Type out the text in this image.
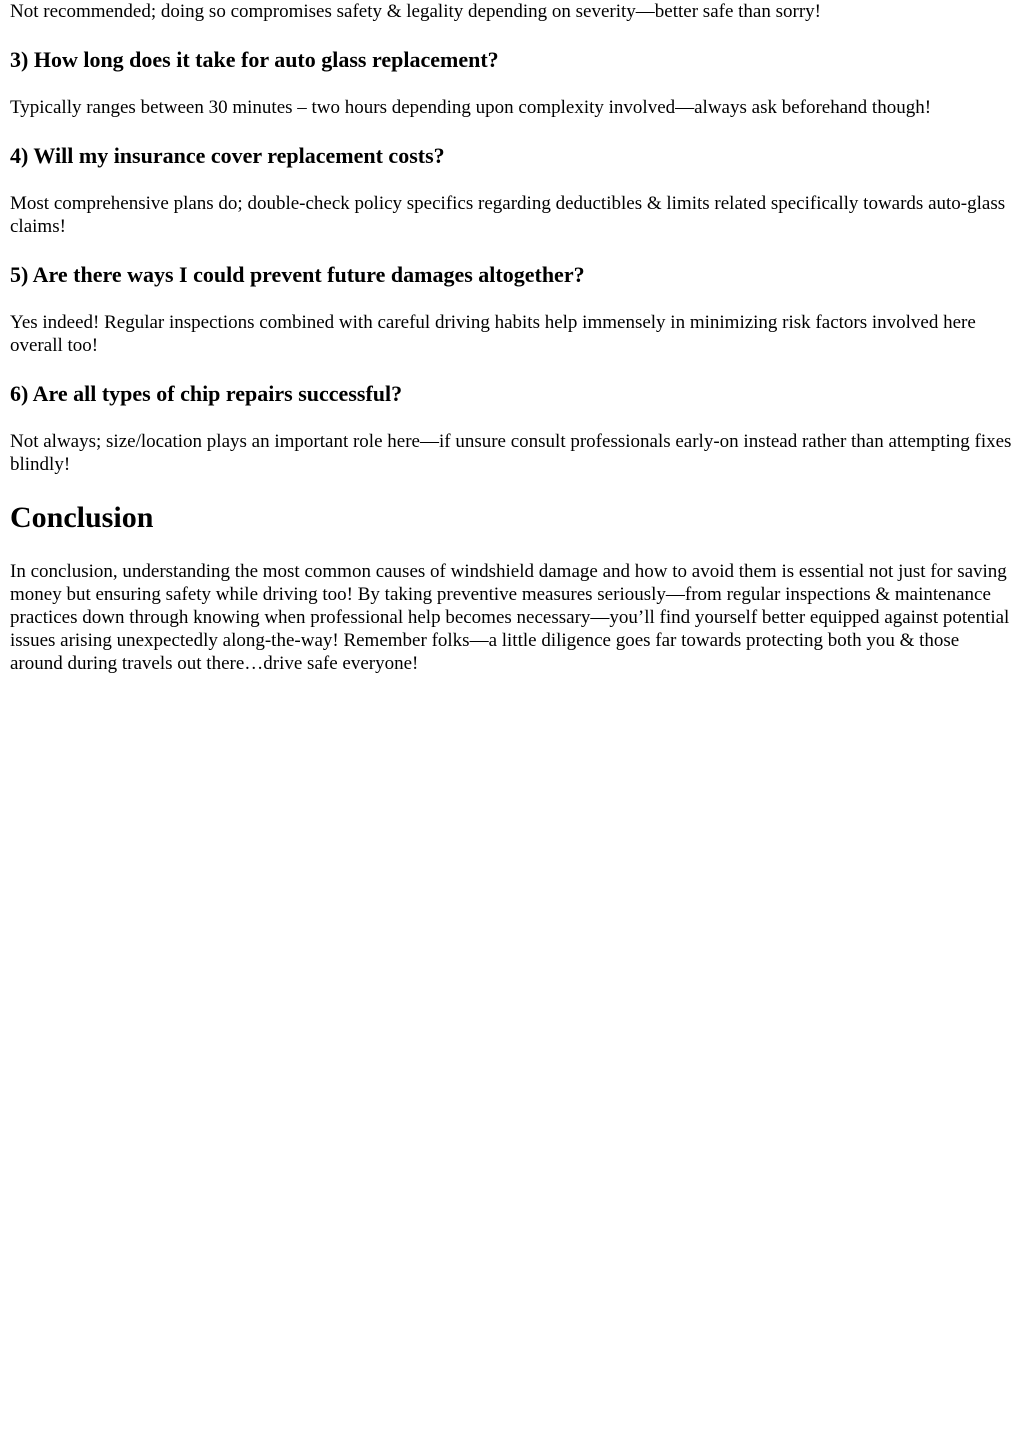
Not recommended; doing so compromises safety & legality depending on severity—better safe than sorry!

3) How long does it take for auto glass replacement?

Typically ranges between 30 minutes – two hours depending upon complexity involved—always ask beforehand though!

4) Will my insurance cover replacement costs?

Most comprehensive plans do; double-check policy specifics regarding deductibles & limits related specifically towards auto-glass claims!

5) Are there ways I could prevent future damages altogether?

Yes indeed! Regular inspections combined with careful driving habits help immensely in minimizing risk factors involved here overall too!

6) Are all types of chip repairs successful?

Not always; size/location plays an important role here—if unsure consult professionals early-on instead rather than attempting fixes blindly!

Conclusion

In conclusion, understanding the most common causes of windshield damage and how to avoid them is essential not just for saving money but ensuring safety while driving too! By taking preventive measures seriously—from regular inspections & maintenance practices down through knowing when professional help becomes necessary—you’ll find yourself better equipped against potential issues arising unexpectedly along-the-way! Remember folks—a little diligence goes far towards protecting both you & those around during travels out there…drive safe everyone!
